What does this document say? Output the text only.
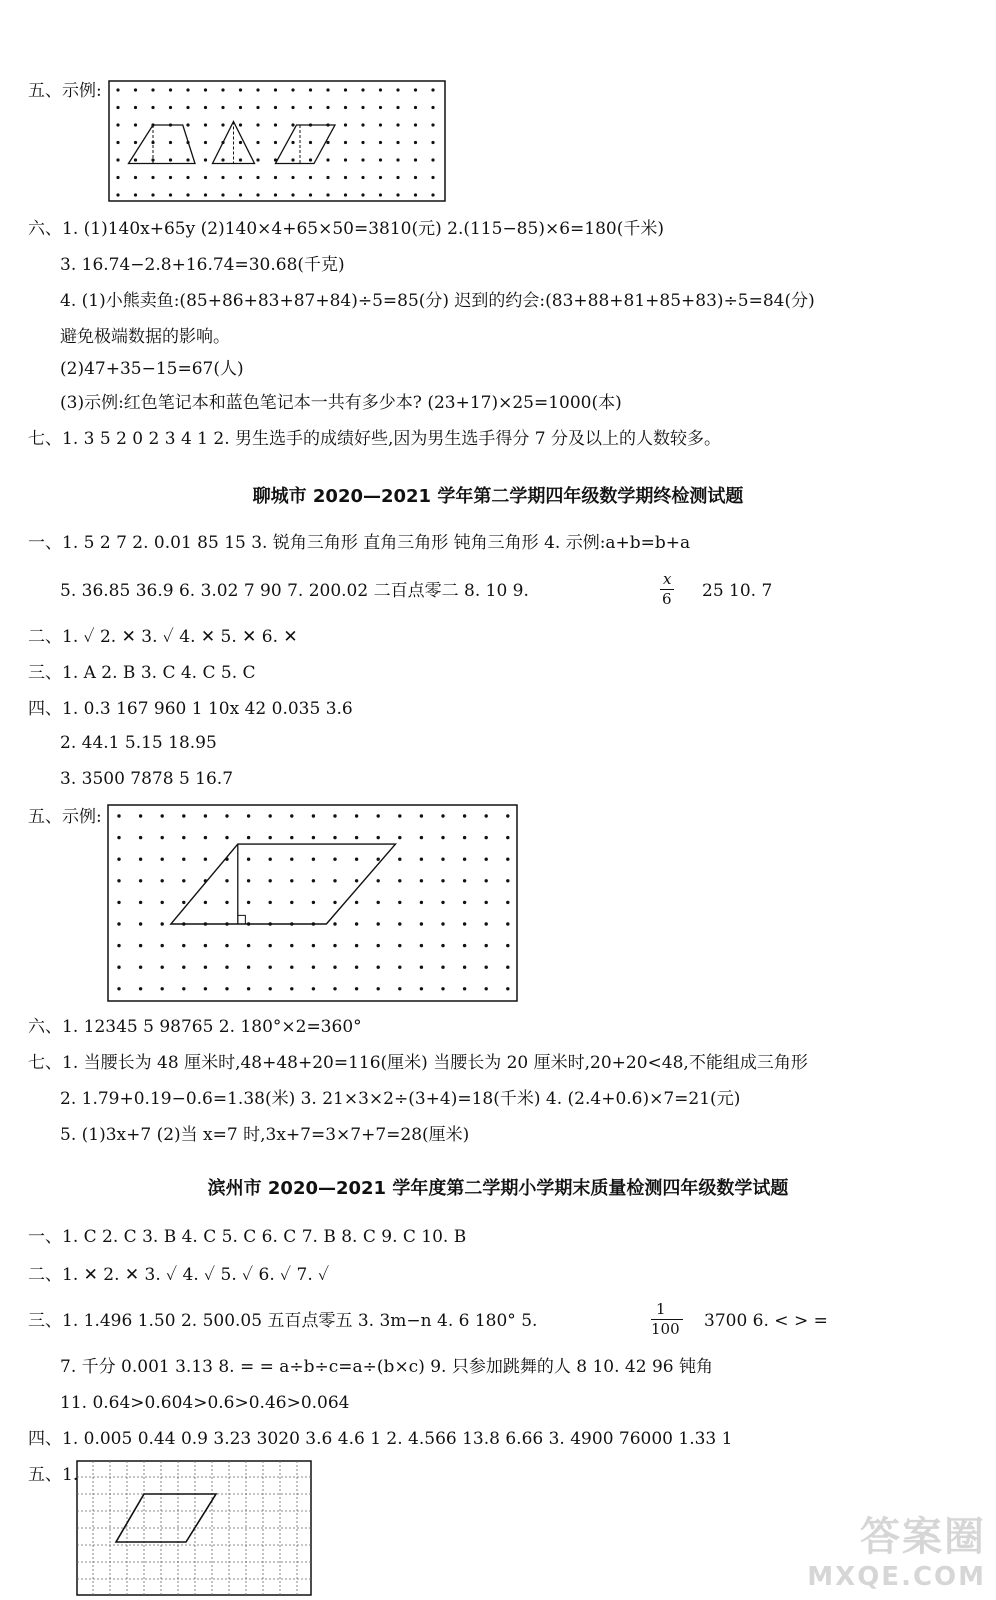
五、示例:
六、1. (1)140x+65y (2)140×4+65×50=3810(元) 2.(115−85)×6=180(千米)
3. 16.74−2.8+16.74=30.68(千克)
4. (1)小熊卖鱼:(85+86+83+87+84)÷5=85(分) 迟到的约会:(83+88+81+85+83)÷5=84(分)
避免极端数据的影响。
(2)47+35−15=67(人)
(3)示例:红色笔记本和蓝色笔记本一共有多少本? (23+17)×25=1000(本)
七、1. 3 5 2 0 2 3 4 1 2. 男生选手的成绩好些,因为男生选手得分 7 分及以上的人数较多。
聊城市 2020—2021 学年第二学期四年级数学期终检测试题
一、1. 5 2 7 2. 0.01 85 15 3. 锐角三角形 直角三角形 钝角三角形 4. 示例:a+b=b+a
5. 36.85 36.9 6. 3.02 7 90 7. 200.02 二百点零二 8. 10 9.
x
6 25 10. 7
二、1. ✓ 2. ✕ 3. ✓ 4. ✕ 5. ✕ 6. ✕
三、1. A 2. B 3. C 4. C 5. C
四、1. 0.3 167 960 1 10x 42 0.035 3.6
2. 44.1 5.15 18.95
3. 3500 7878 5 16.7
五、示例:
六、1. 12345 5 98765 2. 180°×2=360°
七、1. 当腰长为 48 厘米时,48+48+20=116(厘米) 当腰长为 20 厘米时,20+20<48,不能组成三角形
2. 1.79+0.19−0.6=1.38(米) 3. 21×3×2÷(3+4)=18(千米) 4. (2.4+0.6)×7=21(元)
5. (1)3x+7 (2)当 x=7 时,3x+7=3×7+7=28(厘米)
滨州市 2020—2021 学年度第二学期小学期末质量检测四年级数学试题
一、1. C 2. C 3. B 4. C 5. C 6. C 7. B 8. C 9. C 10. B
二、1. ✕ 2. ✕ 3. ✓ 4. ✓ 5. ✓ 6. ✓ 7. ✓
三、1. 1.496 1.50 2. 500.05 五百点零五 3. 3m−n 4. 6 180° 5.
1
100 3700 6. < > =
7. 千分 0.001 3.13 8. = = a÷b÷c=a÷(b×c) 9. 只参加跳舞的人 8 10. 42 96 钝角
11. 0.64>0.604>0.6>0.46>0.064
四、1. 0.005 0.44 0.9 3.23 3020 3.6 4.6 1 2. 4.566 13.8 6.66 3. 4900 76000 1.33 1
五、1.
答案圈
MXQE.COM
